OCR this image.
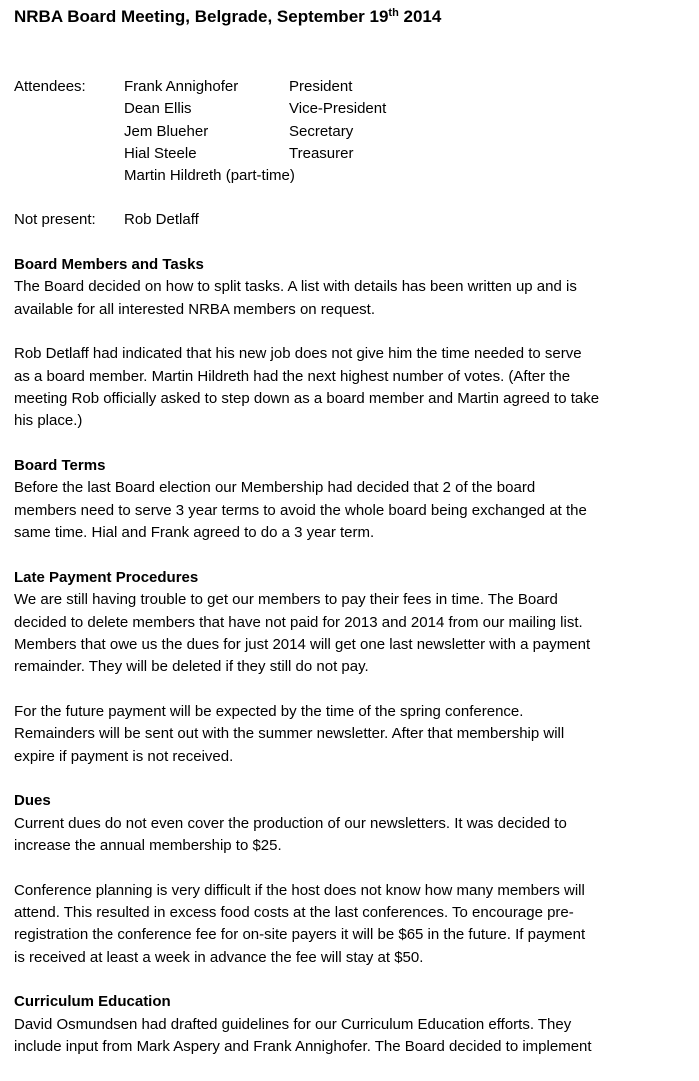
NRBA Board Meeting, Belgrade, September 19th 2014
Attendees:	Frank Annighofer	President
Dean Ellis	Vice-President
Jem Blueher	Secretary
Hial Steele	Treasurer
Martin Hildreth (part-time)
Not present: Rob Detlaff

Board Members and Tasks

The Board decided on how to split tasks. A list with details has been written up and is
available for all interested NRBA members on request.

Rob Detlaff had indicated that his new job does not give him the time needed to serve
as a board member. Martin Hildreth had the next highest number of votes. (After the
meeting Rob officially asked to step down as a board member and Martin agreed to take
his place.)

Board Terms

Before the last Board election our Membership had decided that 2 of the board
members need to serve 3 year terms to avoid the whole board being exchanged at the
same time. Hial and Frank agreed to do a 3 year term.

Late Payment Procedures

We are still having trouble to get our members to pay their fees in time. The Board
decided to delete members that have not paid for 2013 and 2014 from our mailing list.
Members that owe us the dues for just 2014 will get one last newsletter with a payment
remainder. They will be deleted if they still do not pay.

For the future payment will be expected by the time of the spring conference.
Remainders will be sent out with the summer newsletter. After that membership will
expire if payment is not received.

Dues

Current dues do not even cover the production of our newsletters. It was decided to
increase the annual membership to $25.

Conference planning is very difficult if the host does not know how many members will
attend. This resulted in excess food costs at the last conferences. To encourage pre-
registration the conference fee for on-site payers it will be $65 in the future. If payment
is received at least a week in advance the fee will stay at $50.

Curriculum Education

David Osmundsen had drafted guidelines for our Curriculum Education efforts. They
include input from Mark Aspery and Frank Annighofer. The Board decided to implement
